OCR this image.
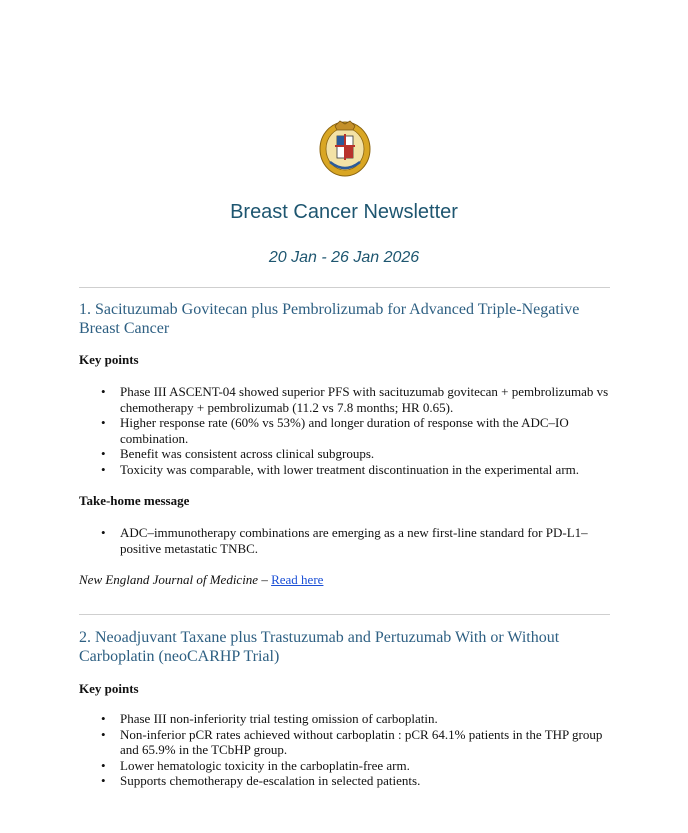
Breast Cancer Newsletter
20 Jan - 26 Jan 2026
1. Sacituzumab Govitecan plus Pembrolizumab for Advanced Triple-Negative Breast Cancer
Key points
• Phase III ASCENT-04 showed superior PFS with sacituzumab govitecan + pembrolizumab vs chemotherapy + pembrolizumab (11.2 vs 7.8 months; HR 0.65).
• Higher response rate (60% vs 53%) and longer duration of response with the ADC–IO combination.
• Benefit was consistent across clinical subgroups.
• Toxicity was comparable, with lower treatment discontinuation in the experimental arm.
Take-home message
• ADC–immunotherapy combinations are emerging as a new first-line standard for PD-L1–positive metastatic TNBC.
New England Journal of Medicine – Read here
2. Neoadjuvant Taxane plus Trastuzumab and Pertuzumab With or Without Carboplatin (neoCARHP Trial)
Key points
• Phase III non-inferiority trial testing omission of carboplatin.
• Non-inferior pCR rates achieved without carboplatin : pCR 64.1% patients in the THP group and 65.9% in the TCbHP group.
• Lower hematologic toxicity in the carboplatin-free arm.
• Supports chemotherapy de-escalation in selected patients.
